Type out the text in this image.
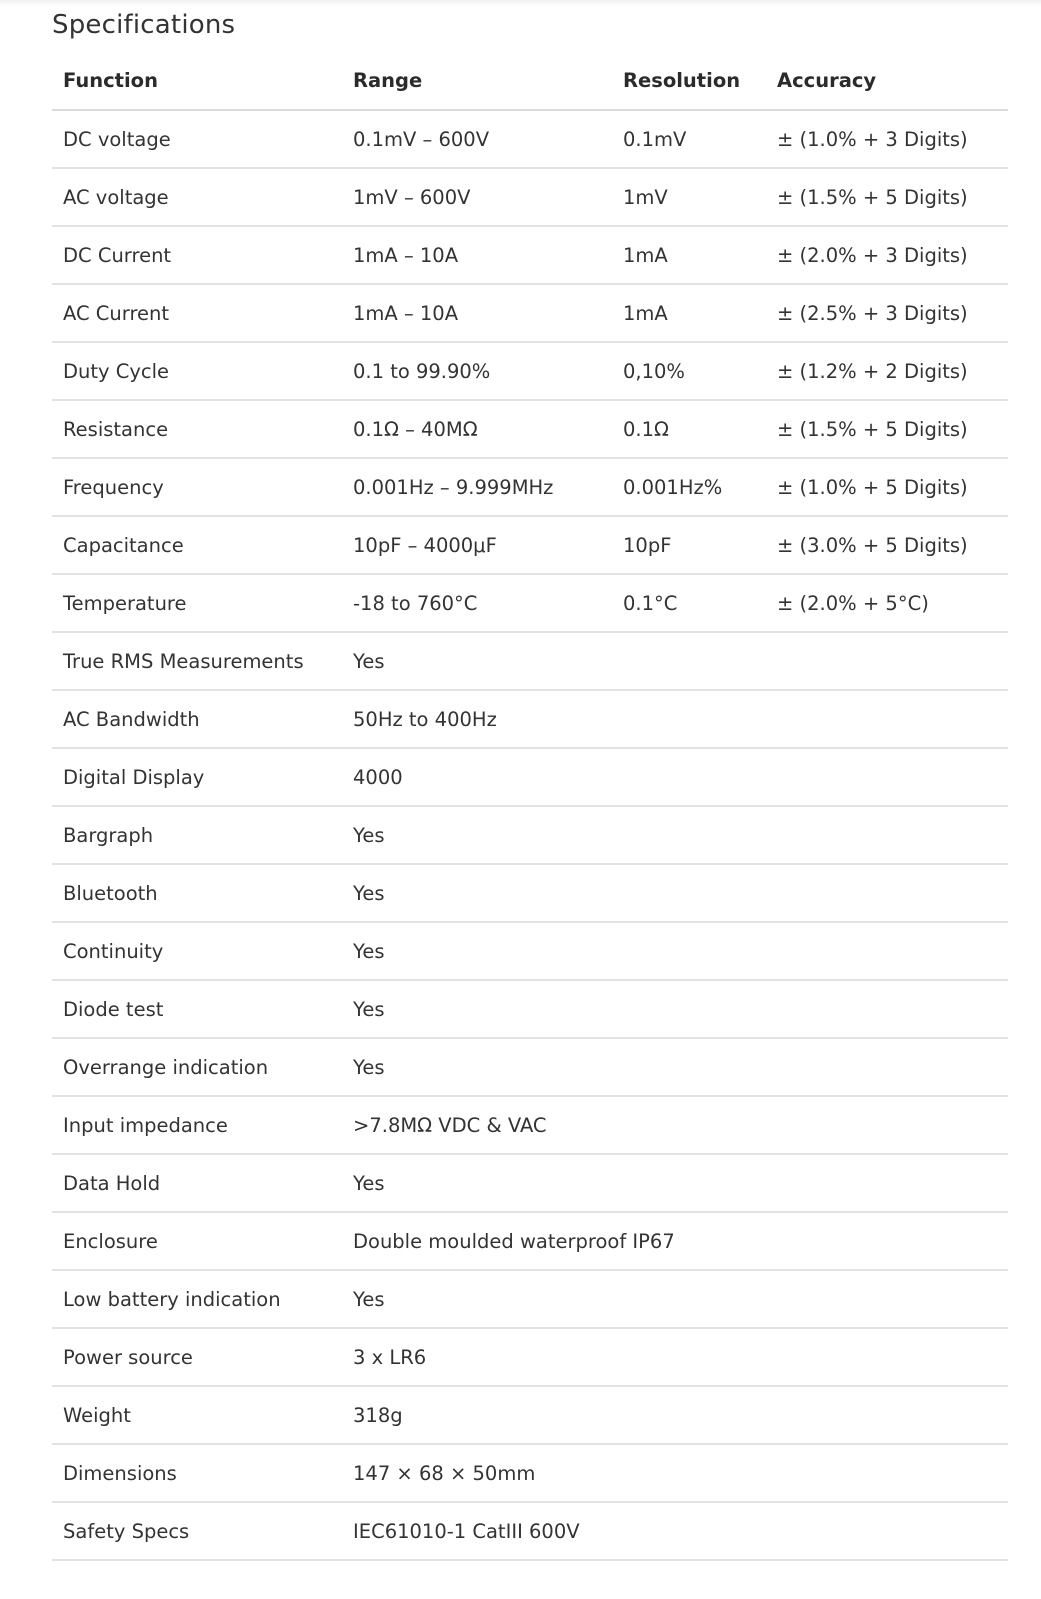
Specifications
Function	Range	Resolution	Accuracy
DC voltage	0.1mV – 600V	0.1mV	± (1.0% + 3 Digits)
AC voltage	1mV – 600V	1mV	± (1.5% + 5 Digits)
DC Current	1mA – 10A	1mA	± (2.0% + 3 Digits)
AC Current	1mA – 10A	1mA	± (2.5% + 3 Digits)
Duty Cycle	0.1 to 99.90%	0,10%	± (1.2% + 2 Digits)
Resistance	0.1Ω – 40MΩ	0.1Ω	± (1.5% + 5 Digits)
Frequency	0.001Hz – 9.999MHz	0.001Hz%	± (1.0% + 5 Digits)
Capacitance	10pF – 4000μF	10pF	± (3.0% + 5 Digits)
Temperature	-18 to 760°C	0.1°C	± (2.0% + 5°C)
True RMS Measurements	Yes		
AC Bandwidth	50Hz to 400Hz		
Digital Display	4000		
Bargraph	Yes		
Bluetooth	Yes		
Continuity	Yes		
Diode test	Yes		
Overrange indication	Yes		
Input impedance	>7.8MΩ VDC & VAC		
Data Hold	Yes		
Enclosure	Double moulded waterproof IP67		
Low battery indication	Yes		
Power source	3 x LR6		
Weight	318g		
Dimensions	147 × 68 × 50mm		
Safety Specs	IEC61010-1 CatIII 600V		
